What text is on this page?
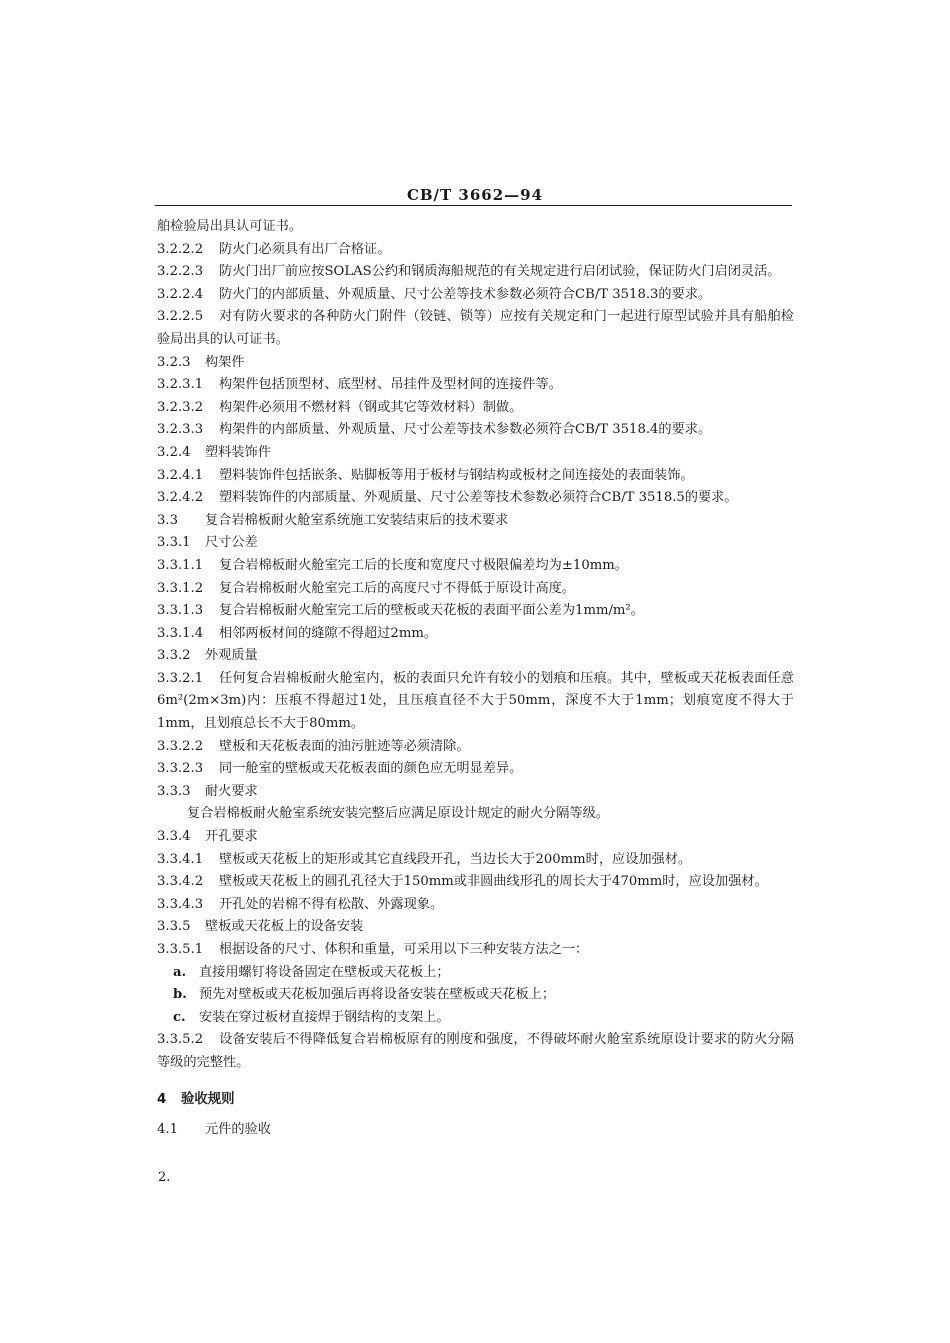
CB/T 3662—94
舶检验局出具认可证书。
3.2.2.2 防火门必须具有出厂合格证。
3.2.2.3 防火门出厂前应按SOLAS公约和钢质海船规范的有关规定进行启闭试验，保证防火门启闭灵活。
3.2.2.4 防火门的内部质量、外观质量、尺寸公差等技术参数必须符合CB/T 3518.3的要求。
3.2.2.5 对有防火要求的各种防火门附件（铰链、锁等）应按有关规定和门一起进行原型试验并具有船舶检验局出具的认可证书。
3.2.3 构架件
3.2.3.1 构架件包括顶型材、底型材、吊挂件及型材间的连接件等。
3.2.3.2 构架件必须用不燃材料（钢或其它等效材料）制做。
3.2.3.3 构架件的内部质量、外观质量、尺寸公差等技术参数必须符合CB/T 3518.4的要求。
3.2.4 塑料装饰件
3.2.4.1 塑料装饰件包括嵌条、贴脚板等用于板材与钢结构或板材之间连接处的表面装饰。
3.2.4.2 塑料装饰件的内部质量、外观质量、尺寸公差等技术参数必须符合CB/T 3518.5的要求。
3.3 复合岩棉板耐火舱室系统施工安装结束后的技术要求
3.3.1 尺寸公差
3.3.1.1 复合岩棉板耐火舱室完工后的长度和宽度尺寸极限偏差均为±10mm。
3.3.1.2 复合岩棉板耐火舱室完工后的高度尺寸不得低于原设计高度。
3.3.1.3 复合岩棉板耐火舱室完工后的壁板或天花板的表面平面公差为1mm/m²。
3.3.1.4 相邻两板材间的缝隙不得超过2mm。
3.3.2 外观质量
3.3.2.1 任何复合岩棉板耐火舱室内，板的表面只允许有较小的划痕和压痕。其中，壁板或天花板表面任意6m²(2m×3m)内：压痕不得超过1处，且压痕直径不大于50mm，深度不大于1mm；划痕宽度不得大于1mm，且划痕总长不大于80mm。
3.3.2.2 壁板和天花板表面的油污脏迹等必须清除。
3.3.2.3 同一舱室的壁板或天花板表面的颜色应无明显差异。
3.3.3 耐火要求
复合岩棉板耐火舱室系统安装完整后应满足原设计规定的耐火分隔等级。
3.3.4 开孔要求
3.3.4.1 壁板或天花板上的矩形或其它直线段开孔，当边长大于200mm时，应设加强材。
3.3.4.2 壁板或天花板上的圆孔孔径大于150mm或非圆曲线形孔的周长大于470mm时，应设加强材。
3.3.4.3 开孔处的岩棉不得有松散、外露现象。
3.3.5 壁板或天花板上的设备安装
3.3.5.1 根据设备的尺寸、体积和重量，可采用以下三种安装方法之一：
a. 直接用螺钉将设备固定在壁板或天花板上；
b. 预先对壁板或天花板加强后再将设备安装在壁板或天花板上；
c. 安装在穿过板材直接焊于钢结构的支架上。
3.3.5.2 设备安装后不得降低复合岩棉板原有的刚度和强度，不得破坏耐火舱室系统原设计要求的防火分隔等级的完整性。
4 验收规则
4.1 元件的验收
2.
